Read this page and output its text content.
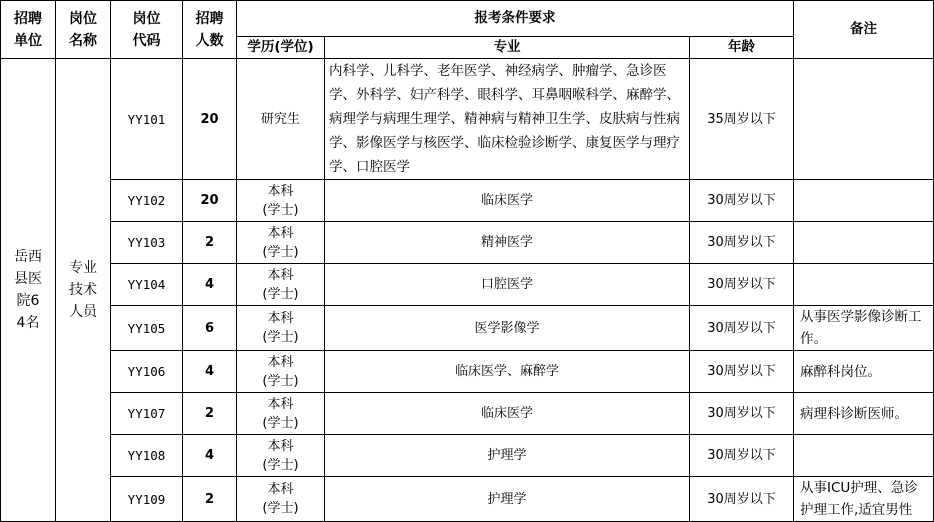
招聘单位	岗位名称	岗位代码	招聘人数	报考条件要求			备注
				学历(学位)	专业	年龄	
岳西县医院64名	专业技术人员	YY101	20	研究生	内科学、儿科学、老年医学、神经病学、肿瘤学、急诊医学、外科学、妇产科学、眼科学、耳鼻咽喉科学、麻醉学、病理学与病理生理学、精神病与精神卫生学、皮肤病与性病学、影像医学与核医学、临床检验诊断学、康复医学与理疗学、口腔医学	35周岁以下	
		YY102	20	本科
(学士)	临床医学	30周岁以下	
		YY103	2	本科
(学士)	精神医学	30周岁以下	
		YY104	4	本科
(学士)	口腔医学	30周岁以下	
		YY105	6	本科
(学士)	医学影像学	30周岁以下	从事医学影像诊断工作。
		YY106	4	本科
(学士)	临床医学、麻醉学	30周岁以下	麻醉科岗位。
		YY107	2	本科
(学士)	临床医学	30周岁以下	病理科诊断医师。
		YY108	4	本科
(学士)	护理学	30周岁以下	
		YY109	2	本科
(学士)	护理学	30周岁以下	从事ICU护理、急诊护理工作,适宜男性
